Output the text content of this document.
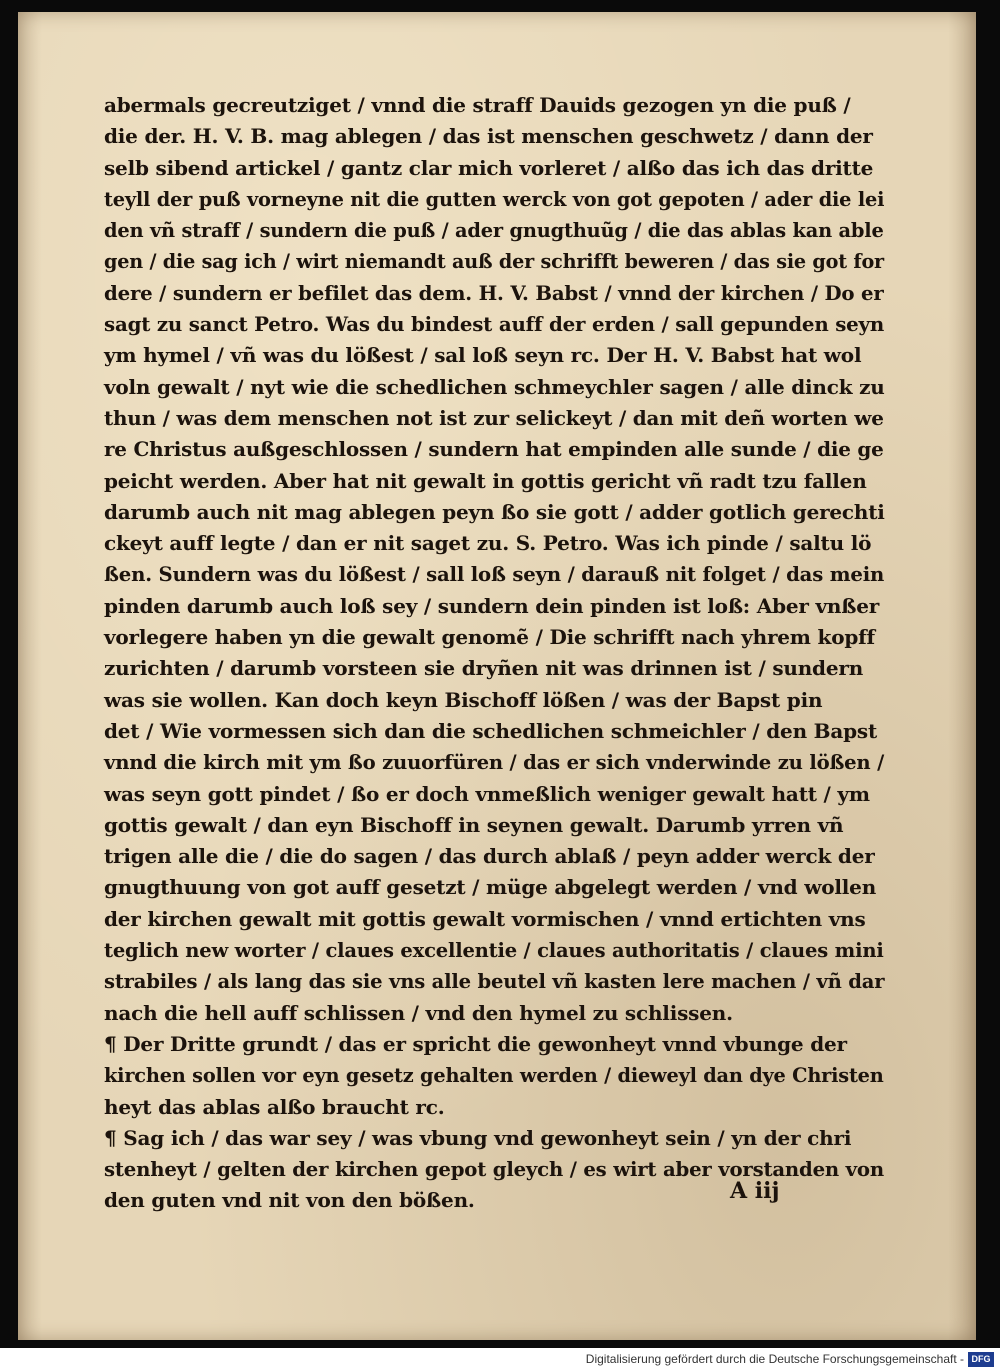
abermals gecreutziget / vnnd die straff Dauids gezogen yn die puß /
die der. H. V. B. mag ablegen / das ist menschen geschwetz / dann der
selb sibend artickel / gantz clar mich vorleret / alßo das ich das dritte
teyll der puß vorneyne nit die gutten werck von got gepoten / ader die lei
den vñ straff / sundern die puß / ader gnugthuũg / die das ablas kan able
gen / die sag ich / wirt niemandt auß der schrifft beweren / das sie got for
dere / sundern er befilet das dem. H. V. Babst / vnnd der kirchen / Do er
sagt zu sanct Petro. Was du bindest auff der erden / sall gepunden seyn
ym hymel / vñ was du lößest / sal loß seyn rc. Der H. V. Babst hat wol
voln gewalt / nyt wie die schedlichen schmeychler sagen / alle dinck zu
thun / was dem menschen not ist zur selickeyt / dan mit deñ worten we
re Christus außgeschlossen / sundern hat empinden alle sunde / die ge
peicht werden. Aber hat nit gewalt in gottis gericht vñ radt tzu fallen
darumb auch nit mag ablegen peyn ßo sie gott / adder gotlich gerechti
ckeyt auff legte / dan er nit saget zu. S. Petro. Was ich pinde / saltu lö
ßen. Sundern was du lößest / sall loß seyn / darauß nit folget / das mein
pinden darumb auch loß sey / sundern dein pinden ist loß: Aber vnßer
vorlegere haben yn die gewalt genomẽ / Die schrifft nach yhrem kopff
zurichten / darumb vorsteen sie dryñen nit was drinnen ist / sundern
was sie wollen. Kan doch keyn Bischoff lößen / was der Bapst pin
det / Wie vormessen sich dan die schedlichen schmeichler / den Bapst
vnnd die kirch mit ym ßo zuuorfüren / das er sich vnderwinde zu lößen /
was seyn gott pindet / ßo er doch vnmeßlich weniger gewalt hatt / ym
gottis gewalt / dan eyn Bischoff in seynen gewalt. Darumb yrren vñ
trigen alle die / die do sagen / das durch ablaß / peyn adder werck der
gnugthuung von got auff gesetzt / müge abgelegt werden / vnd wollen
der kirchen gewalt mit gottis gewalt vormischen / vnnd ertichten vns
teglich new worter / claues excellentie / claues authoritatis / claues mini
strabiles / als lang das sie vns alle beutel vñ kasten lere machen / vñ dar
nach die hell auff schlissen / vnd den hymel zu schlissen.
¶ Der Dritte grundt / das er spricht die gewonheyt vnnd vbunge der
kirchen sollen vor eyn gesetz gehalten werden / dieweyl dan dye Christen
heyt das ablas alßo braucht rc.
¶ Sag ich / das war sey / was vbung vnd gewonheyt sein / yn der chri
stenheyt / gelten der kirchen gepot gleych / es wirt aber vorstanden von
den guten vnd nit von den bößen.	A iij
Digitalisierung gefördert durch die Deutsche Forschungsgemeinschaft - DFG
